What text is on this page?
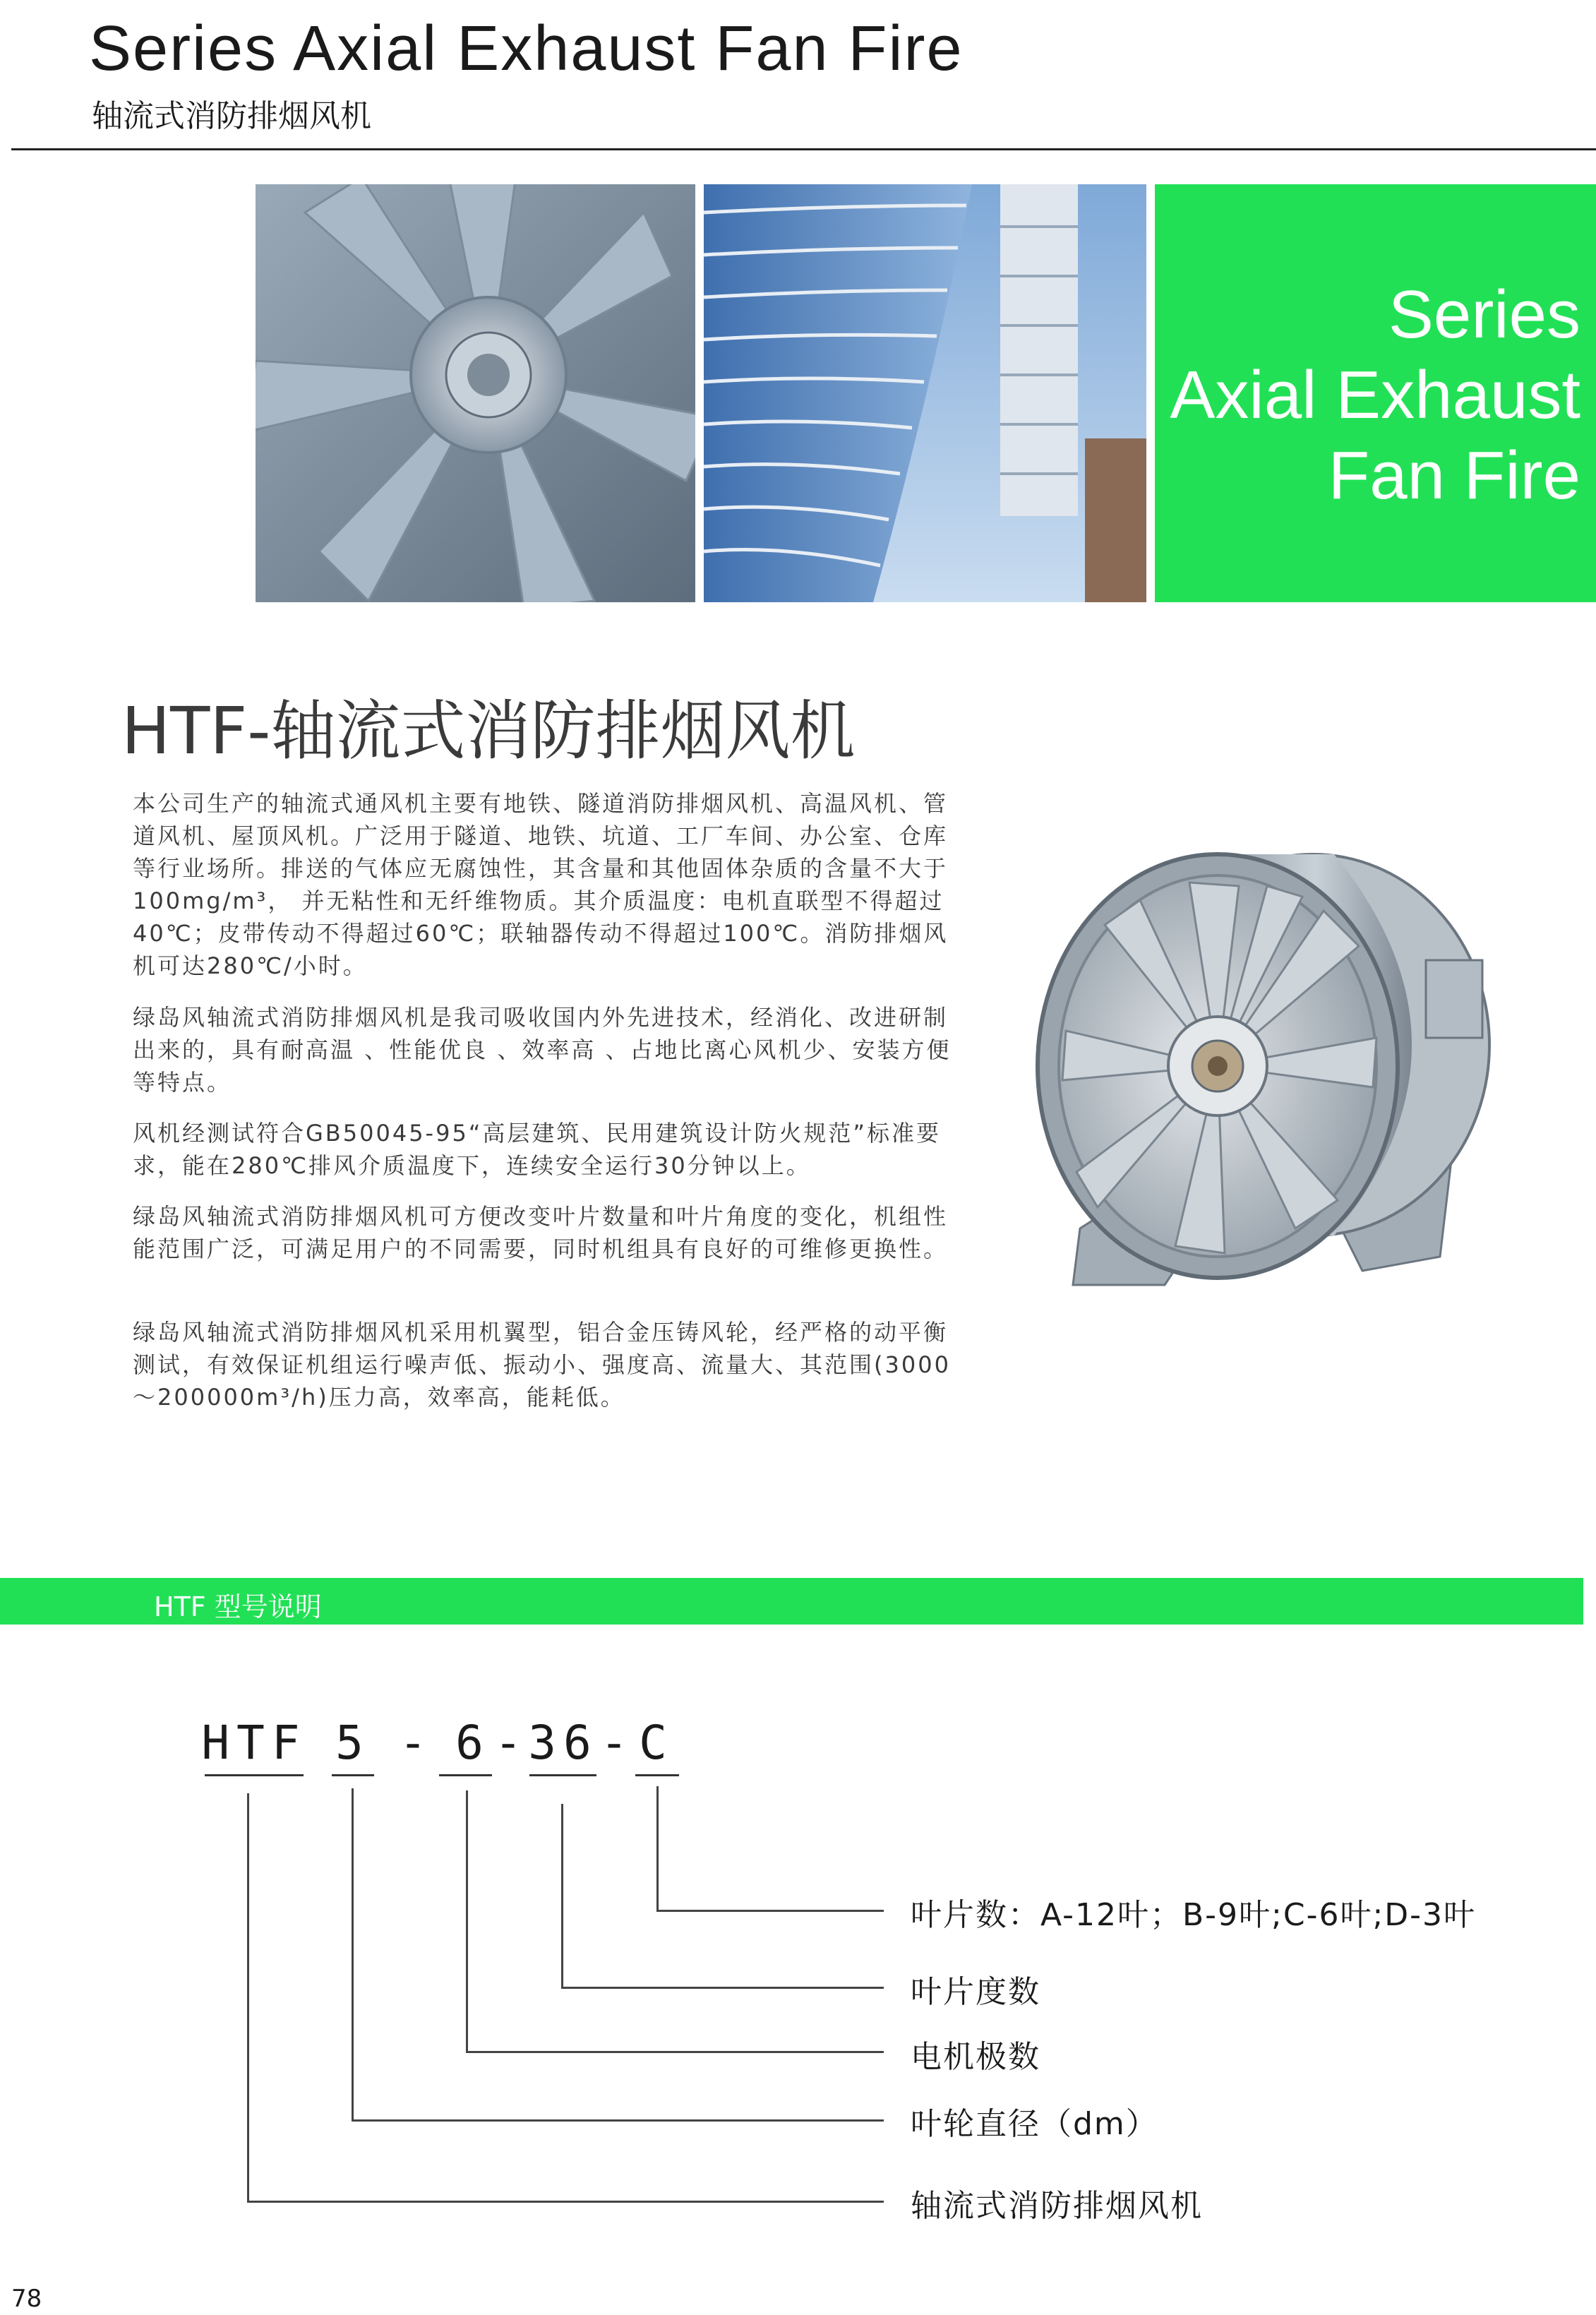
Series Axial Exhaust Fan Fire
轴流式消防排烟风机
Series
Axial Exhaust
Fan Fire
HTF-轴流式消防排烟风机
本公司生产的轴流式通风机主要有地铁、隧道消防排烟风机、高温风机、管道风机、屋顶风机。广泛用于隧道、地铁、坑道、工厂车间、办公室、仓库等行业场所。排送的气体应无腐蚀性，其含量和其他固体杂质的含量不大于100mg/m³， 并无粘性和无纤维物质。其介质温度：电机直联型不得超过40℃；皮带传动不得超过60℃；联轴器传动不得超过100℃。消防排烟风机可达280℃/小时。
绿岛风轴流式消防排烟风机是我司吸收国内外先进技术，经消化、改进研制出来的，具有耐高温 、性能优良 、效率高 、占地比离心风机少、安装方便等特点。
风机经测试符合GB50045-95“高层建筑、民用建筑设计防火规范”标准要求，能在280℃排风介质温度下，连续安全运行30分钟以上。
绿岛风轴流式消防排烟风机可方便改变叶片数量和叶片角度的变化，机组性能范围广泛，可满足用户的不同需要，同时机组具有良好的可维修更换性。
绿岛风轴流式消防排烟风机采用机翼型，铝合金压铸风轮，经严格的动平衡测试，有效保证机组运行噪声低、振动小、强度高、流量大、其范围(3000～200000m³/h)压力高，效率高，能耗低。
HTF 型号说明
HTF 5 - 6 -
36 - C
叶片数：A-12叶；B-9叶;C-6叶;D-3叶
叶片度数
电机极数
叶轮直径（dm）
轴流式消防排烟风机
78
